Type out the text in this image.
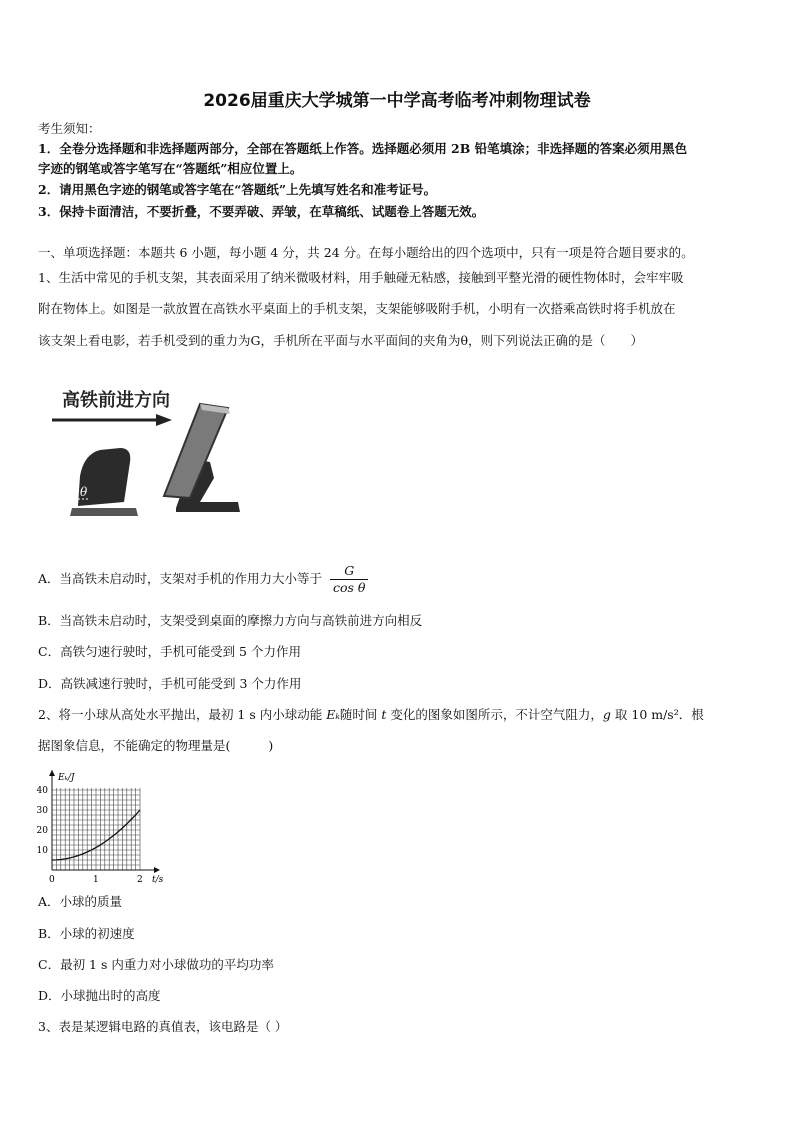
2026届重庆大学城第一中学高考临考冲刺物理试卷
考生须知：
1．全卷分选择题和非选择题两部分，全部在答题纸上作答。选择题必须用 2B 铅笔填涂；非选择题的答案必须用黑色
字迹的钢笔或答字笔写在“答题纸”相应位置上。
2．请用黑色字迹的钢笔或答字笔在“答题纸”上先填写姓名和准考证号。
3．保持卡面清洁，不要折叠，不要弄破、弄皱，在草稿纸、试题卷上答题无效。
一、单项选择题：本题共 6 小题，每小题 4 分，共 24 分。在每小题给出的四个选项中，只有一项是符合题目要求的。
1、生活中常见的手机支架，其表面采用了纳米微吸材料，用手触碰无粘感，接触到平整光滑的硬性物体时，会牢牢吸
附在物体上。如图是一款放置在高铁水平桌面上的手机支架，支架能够吸附手机，小明有一次搭乘高铁时将手机放在
该支架上看电影，若手机受到的重力为G，手机所在平面与水平面间的夹角为θ，则下列说法正确的是（　　）
高铁前进方向
θ
A．当高铁未启动时，支架对手机的作用力大小等于 $\frac{G}{\text{cos θ}}$
B．当高铁未启动时，支架受到桌面的摩擦力方向与高铁前进方向相反
C．高铁匀速行驶时，手机可能受到 5 个力作用
D．高铁减速行驶时，手机可能受到 3 个力作用
2、将一小球从高处水平抛出，最初 1 s 内小球动能 Eₖ随时间 t 变化的图象如图所示，不计空气阻力，g 取 10 m/s²．根
据图象信息，不能确定的物理量是(	)
Eₖ/J
t/s
0	1	2
10
20
30
40
A．小球的质量
B．小球的初速度
C．最初 1 s 内重力对小球做功的平均功率
D．小球抛出时的高度
3、表是某逻辑电路的真值表，该电路是（ ）
